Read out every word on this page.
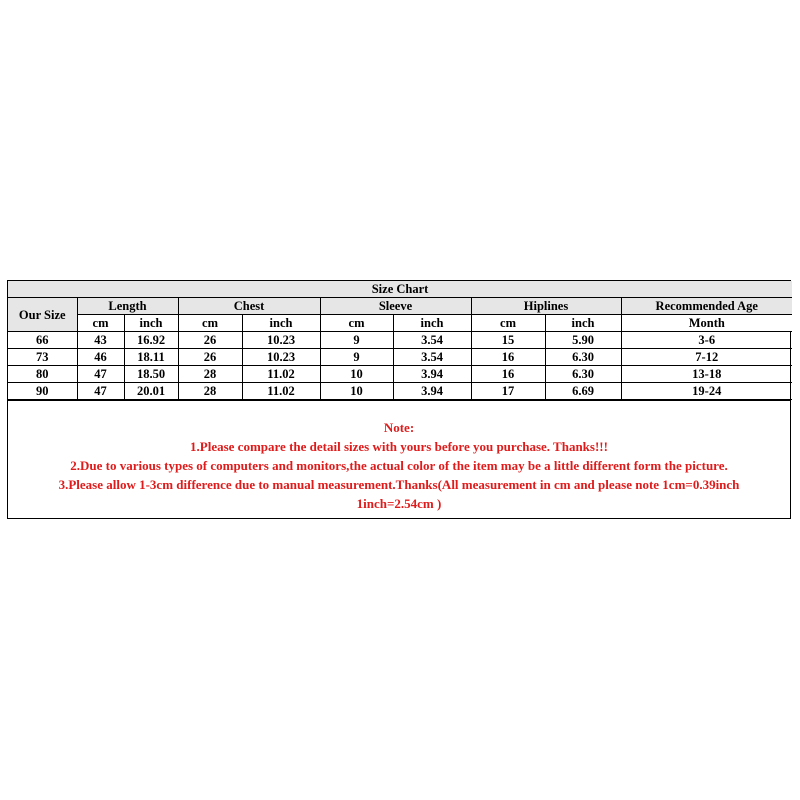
Size Chart									
Our Size	Length		Chest		Sleeve		Hiplines		Recommended Age
	cm	inch	cm	inch	cm	inch	cm	inch	Month
66	43	16.92	26	10.23	9	3.54	15	5.90	3-6
73	46	18.11	26	10.23	9	3.54	16	6.30	7-12
80	47	18.50	28	11.02	10	3.94	16	6.30	13-18
90	47	20.01	28	11.02	10	3.94	17	6.69	19-24
Note:
1.Please compare the detail sizes with yours before you purchase. Thanks!!!
2.Due to various types of computers and monitors,the actual color of the item may be a little different form the picture.
3.Please allow 1-3cm difference due to manual measurement.Thanks(All measurement in cm and please note 1cm=0.39inch
1inch=2.54cm )
